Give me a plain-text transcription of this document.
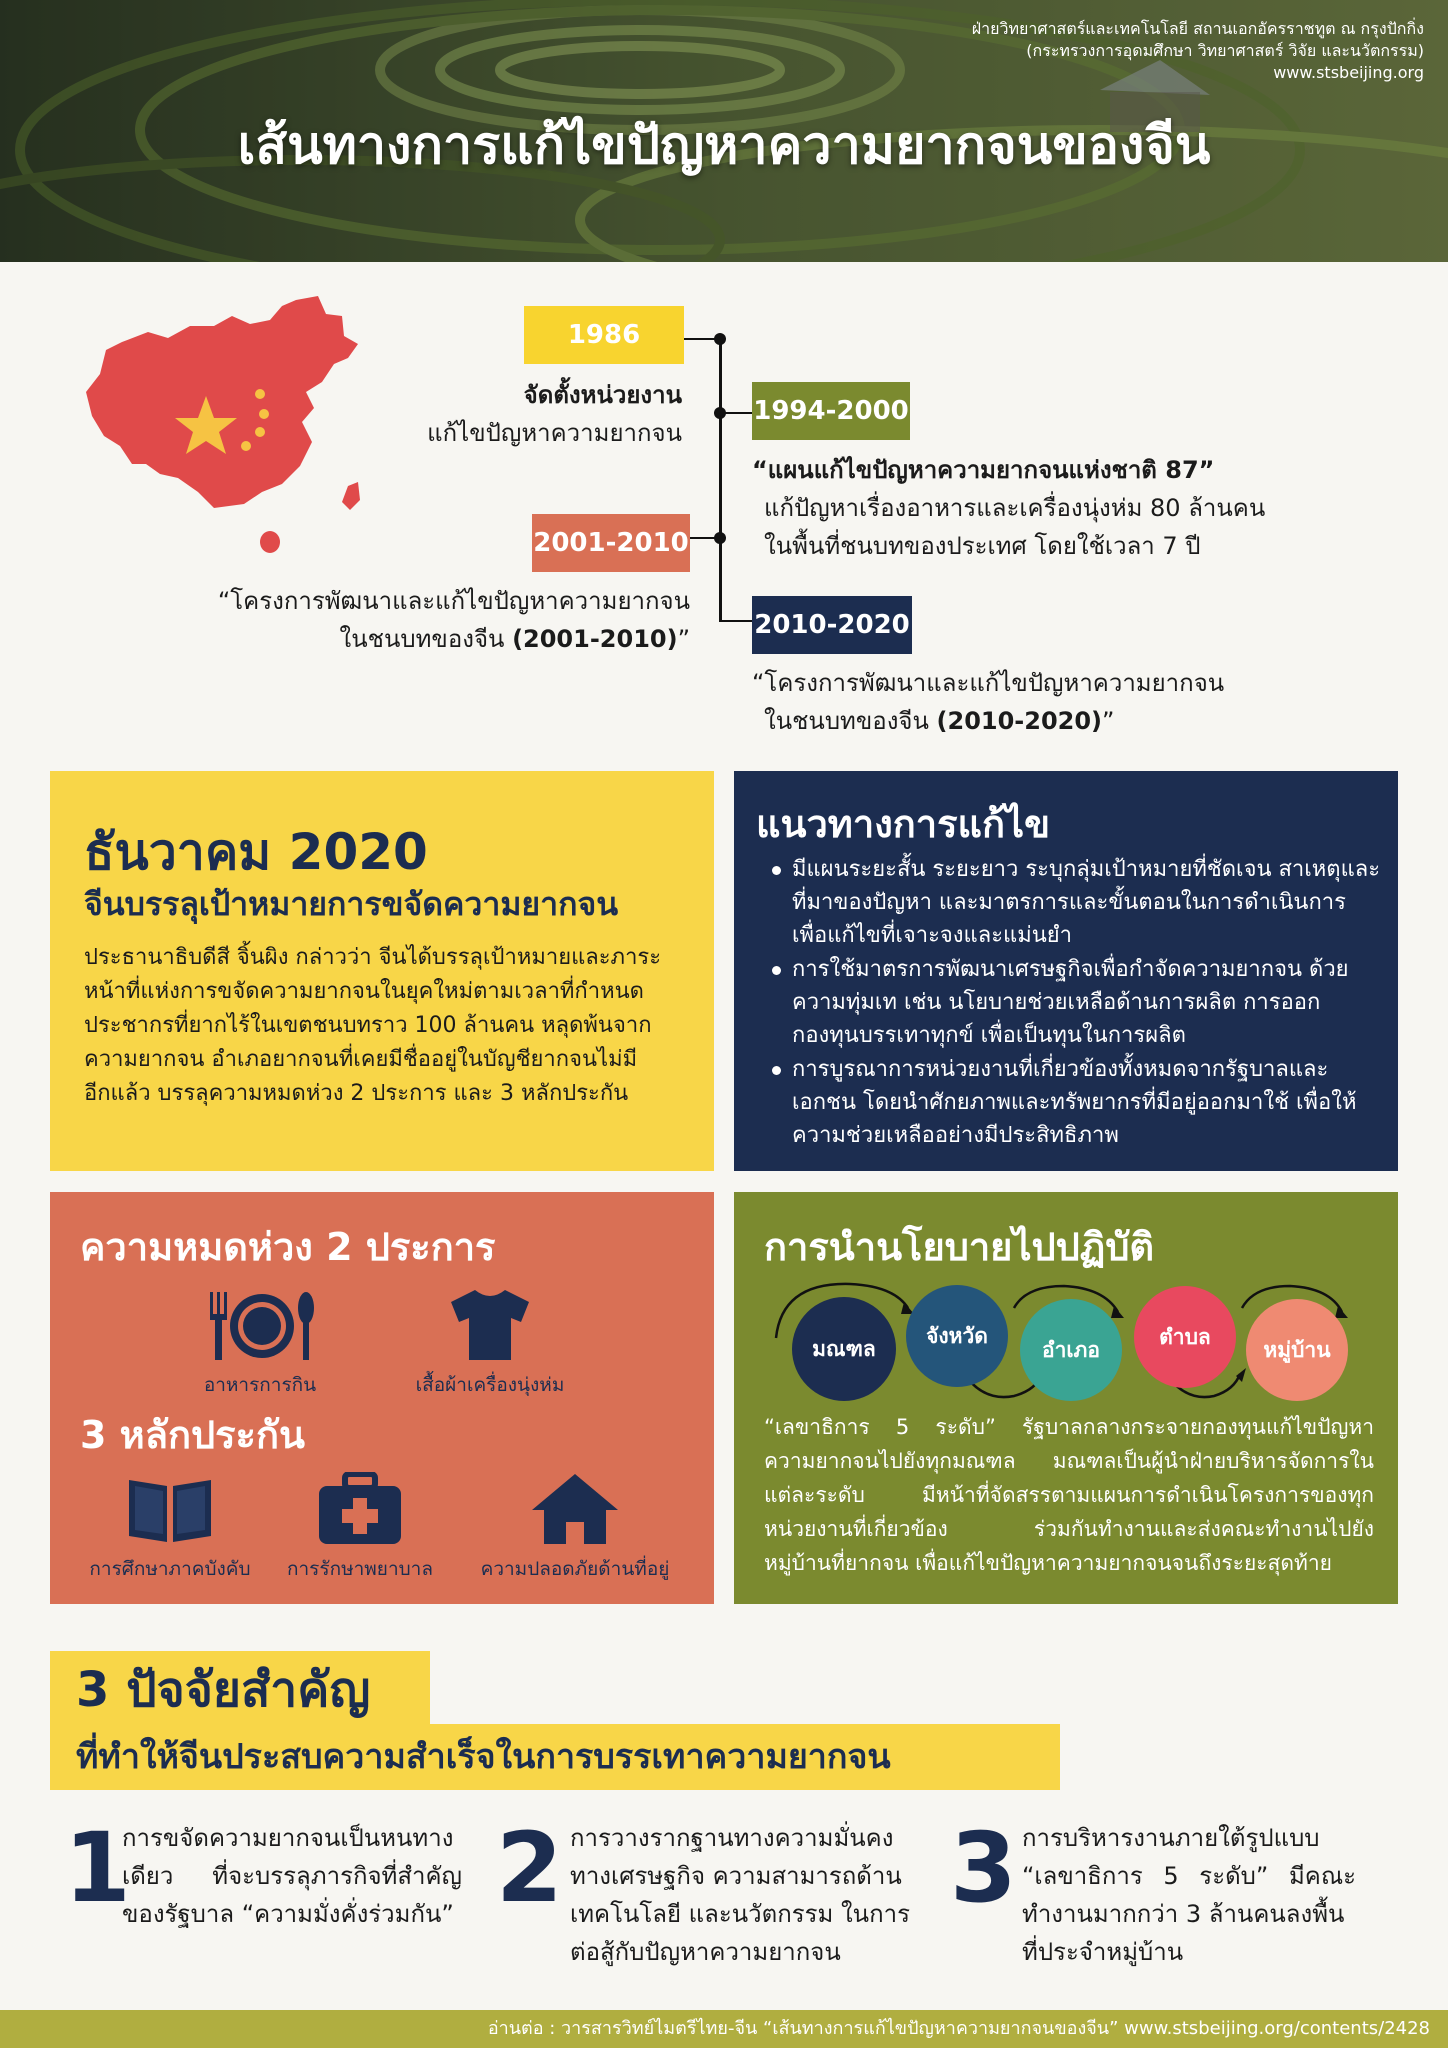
ฝ่ายวิทยาศาสตร์และเทคโนโลยี สถานเอกอัครราชทูต ณ กรุงปักกิ่ง
(กระทรวงการอุดมศึกษา วิทยาศาสตร์ วิจัย และนวัตกรรม)
www.stsbeijing.org
เส้นทางการแก้ไขปัญหาความยากจนของจีน
1986
จัดตั้งหน่วยงาน
แก้ไขปัญหาความยากจน
1994-2000
“แผนแก้ไขปัญหาความยากจนแห่งชาติ 87”
แก้ปัญหาเรื่องอาหารและเครื่องนุ่งห่ม 80 ล้านคน
ในพื้นที่ชนบทของประเทศ โดยใช้เวลา 7 ปี
2001-2010
“โครงการพัฒนาและแก้ไขปัญหาความยากจน
ในชนบทของจีน (2001-2010)” 2010-2020
“โครงการพัฒนาและแก้ไขปัญหาความยากจน
ในชนบทของจีน (2010-2020)”
ธันวาคม 2020
จีนบรรลุเป้าหมายการขจัดความยากจน
ประธานาธิบดีสี จิ้นผิง กล่าวว่า จีนได้บรรลุเป้าหมายและภาระ
หน้าที่แห่งการขจัดความยากจนในยุคใหม่ตามเวลาที่กำหนด
ประชากรที่ยากไร้ในเขตชนบทราว 100 ล้านคน หลุดพ้นจาก
ความยากจน อำเภอยากจนที่เคยมีชื่ออยู่ในบัญชียากจนไม่มี
อีกแล้ว บรรลุความหมดห่วง 2 ประการ และ 3 หลักประกัน
แนวทางการแก้ไข
มีแผนระยะสั้น ระยะยาว ระบุกลุ่มเป้าหมายที่ชัดเจน สาเหตุและ
ที่มาของปัญหา และมาตรการและขั้นตอนในการดำเนินการ
เพื่อแก้ไขที่เจาะจงและแม่นยำ
การใช้มาตรการพัฒนาเศรษฐกิจเพื่อกำจัดความยากจน ด้วย
ความทุ่มเท เช่น นโยบายช่วยเหลือด้านการผลิต การออก
กองทุนบรรเทาทุกข์ เพื่อเป็นทุนในการผลิต
การบูรณาการหน่วยงานที่เกี่ยวข้องทั้งหมดจากรัฐบาลและ
เอกชน โดยนำศักยภาพและทรัพยากรที่มีอยู่ออกมาใช้ เพื่อให้
ความช่วยเหลืออย่างมีประสิทธิภาพ
ความหมดห่วง 2 ประการ
อาหารการกิน	เสื้อผ้าเครื่องนุ่งห่ม
3 หลักประกัน
การศึกษาภาคบังคับ	การรักษาพยาบาล	ความปลอดภัยด้านที่อยู่
การนำนโยบายไปปฏิบัติ
มณฑล
จังหวัด
อำเภอ
ตำบล
หมู่บ้าน
“เลขาธิการ 5 ระดับ” รัฐบาลกลางกระจายกองทุนแก้ไขปัญหา
ความยากจนไปยังทุกมณฑล มณฑลเป็นผู้นำฝ่ายบริหารจัดการใน
แต่ละระดับ มีหน้าที่จัดสรรตามแผนการดำเนินโครงการของทุก
หน่วยงานที่เกี่ยวข้อง ร่วมกันทำงานและส่งคณะทำงานไปยัง
หมู่บ้านที่ยากจน เพื่อแก้ไขปัญหาความยากจนจนถึงระยะสุดท้าย
3 ปัจจัยสำคัญ
ที่ทำให้จีนประสบความสำเร็จในการบรรเทาความยากจน
1
การขจัดความยากจนเป็นหนทาง
เดียว ที่จะบรรลุภารกิจที่สำคัญ
ของรัฐบาล “ความมั่งคั่งร่วมกัน” 2 การวางรากฐานทางความมั่นคง
ทางเศรษฐกิจ ความสามารถด้าน
เทคโนโลยี และนวัตกรรม ในการ
ต่อสู้กับปัญหาความยากจน
3 การบริหารงานภายใต้รูปแบบ
“เลขาธิการ 5 ระดับ” มีคณะ
ทำงานมากกว่า 3 ล้านคนลงพื้น
ที่ประจำหมู่บ้าน
อ่านต่อ : วารสารวิทย์ไมตรีไทย-จีน “เส้นทางการแก้ไขปัญหาความยากจนของจีน” www.stsbeijing.org/contents/2428
